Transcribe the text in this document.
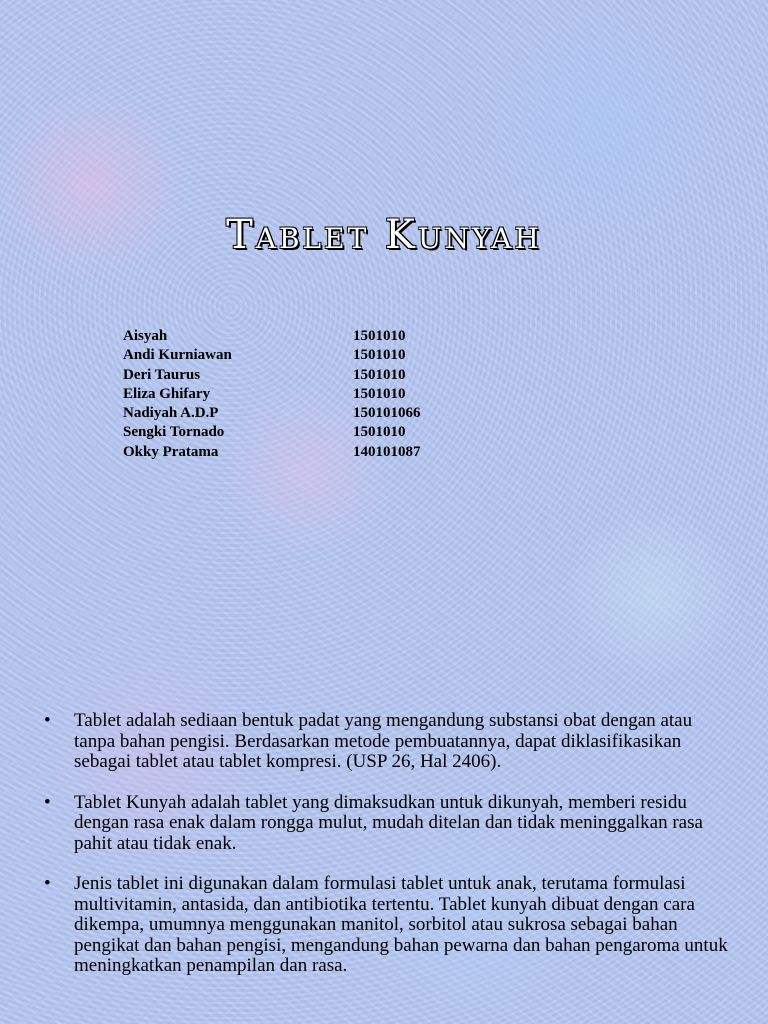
Tablet Kunyah
Aisyah	1501010
Andi Kurniawan	1501010
Deri Taurus	1501010
Eliza Ghifary	1501010
Nadiyah A.D.P	150101066
Sengki Tornado	1501010
Okky Pratama	140101087
• Tablet adalah sediaan bentuk padat yang mengandung substansi obat dengan atau tanpa bahan pengisi. Berdasarkan metode pembuatannya, dapat diklasifikasikan sebagai tablet atau tablet kompresi. (USP 26, Hal 2406).
• Tablet Kunyah adalah tablet yang dimaksudkan untuk dikunyah, memberi residu dengan rasa enak dalam rongga mulut, mudah ditelan dan tidak meninggalkan rasa pahit atau tidak enak.
• Jenis tablet ini digunakan dalam formulasi tablet untuk anak, terutama formulasi multivitamin, antasida, dan antibiotika tertentu. Tablet kunyah dibuat dengan cara dikempa, umumnya menggunakan manitol, sorbitol atau sukrosa sebagai bahan pengikat dan bahan pengisi, mengandung bahan pewarna dan bahan pengaroma untuk meningkatkan penampilan dan rasa.
